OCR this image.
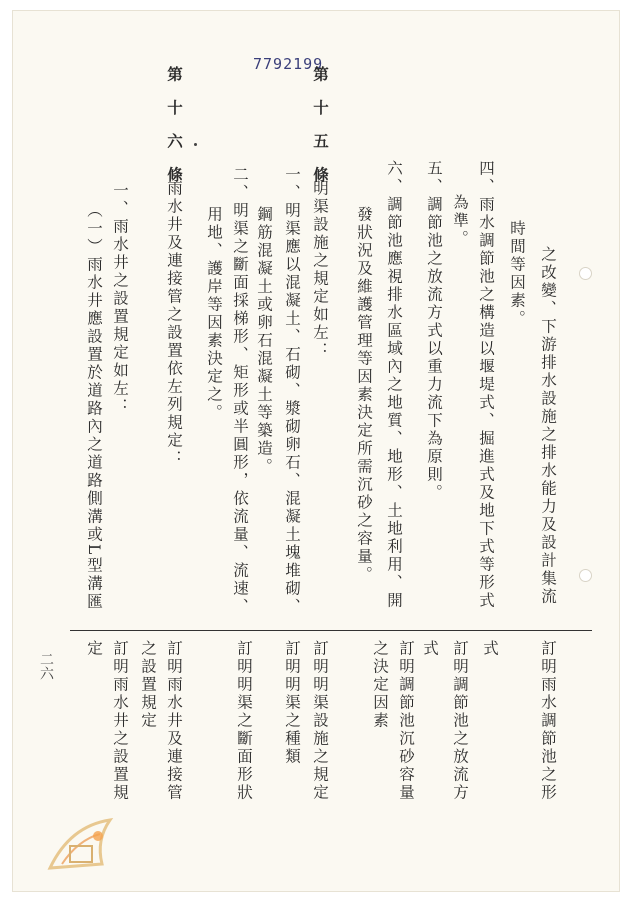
7792199
之改變、下游排水設施之排水能力及設計集流
時間等因素。
四、雨水調節池之構造以堰堤式、掘進式及地下式等形式
為準。
五、調節池之放流方式以重力流下為原則。
六、調節池應視排水區域內之地質、地形、土地利用、開
發狀況及維護管理等因素決定所需沉砂之容量。
第十五條
明渠設施之規定如左：
一、明渠應以混凝土、石砌、漿砌卵石、混凝土塊堆砌、
鋼筋混凝土或卵石混凝土等築造。
二、明渠之斷面採梯形、矩形或半圓形，依流量、流速、
用地、護岸等因素決定之。
第十六條
雨水井及連接管之設置依左列規定：
一、雨水井之設置規定如左：
（一）雨水井應設置於道路內之道路側溝或L型溝匯
訂明雨水調節池之形
式
訂明調節池之放流方
式
訂明調節池沉砂容量
之決定因素
訂明明渠設施之規定
訂明明渠之種類
訂明明渠之斷面形狀
訂明雨水井及連接管
之設置規定
訂明雨水井之設置規
定
二六
